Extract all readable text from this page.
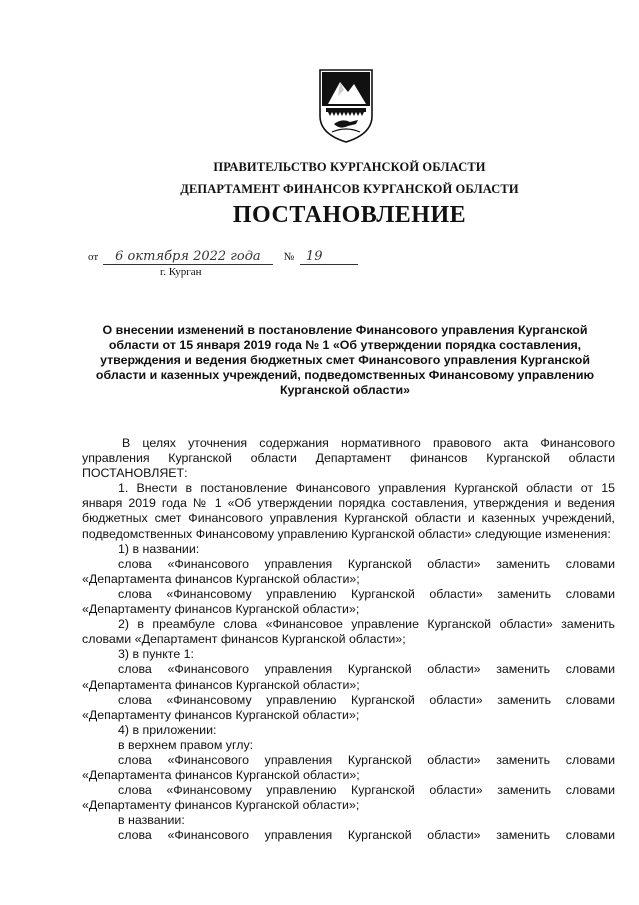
ПРАВИТЕЛЬСТВО КУРГАНСКОЙ ОБЛАСТИ
ДЕПАРТАМЕНТ ФИНАНСОВ КУРГАНСКОЙ ОБЛАСТИ
ПОСТАНОВЛЕНИЕ
от 6 октября 2022 года № 19
г. Курган
О внесении изменений в постановление Финансового управления Курганской области от 15 января 2019 года № 1 «Об утверждении порядка составления, утверждения и ведения бюджетных смет Финансового управления Курганской области и казенных учреждений, подведомственных Финансовому управлению Курганской области»

В целях уточнения содержания нормативного правового акта Финансового управления Курганской области Департамент финансов Курганской области ПОСТАНОВЛЯЕТ:

1. Внести в постановление Финансового управления Курганской области от 15 января 2019 года № 1 «Об утверждении порядка составления, утверждения и ведения бюджетных смет Финансового управления Курганской области и казенных учреждений, подведомственных Финансовому управлению Курганской области» следующие изменения:

1) в названии:

слова «Финансового управления Курганской области» заменить словами «Департамента финансов Курганской области»;

слова «Финансовому управлению Курганской области» заменить словами «Департаменту финансов Курганской области»;

2) в преамбуле слова «Финансовое управление Курганской области» заменить словами «Департамент финансов Курганской области»;

3) в пункте 1:

слова «Финансового управления Курганской области» заменить словами «Департамента финансов Курганской области»;

слова «Финансовому управлению Курганской области» заменить словами «Департаменту финансов Курганской области»;

4) в приложении:

в верхнем правом углу:

слова «Финансового управления Курганской области» заменить словами «Департамента финансов Курганской области»;

слова «Финансовому управлению Курганской области» заменить словами «Департаменту финансов Курганской области»;

в названии:

слова «Финансового управления Курганской области» заменить словами
